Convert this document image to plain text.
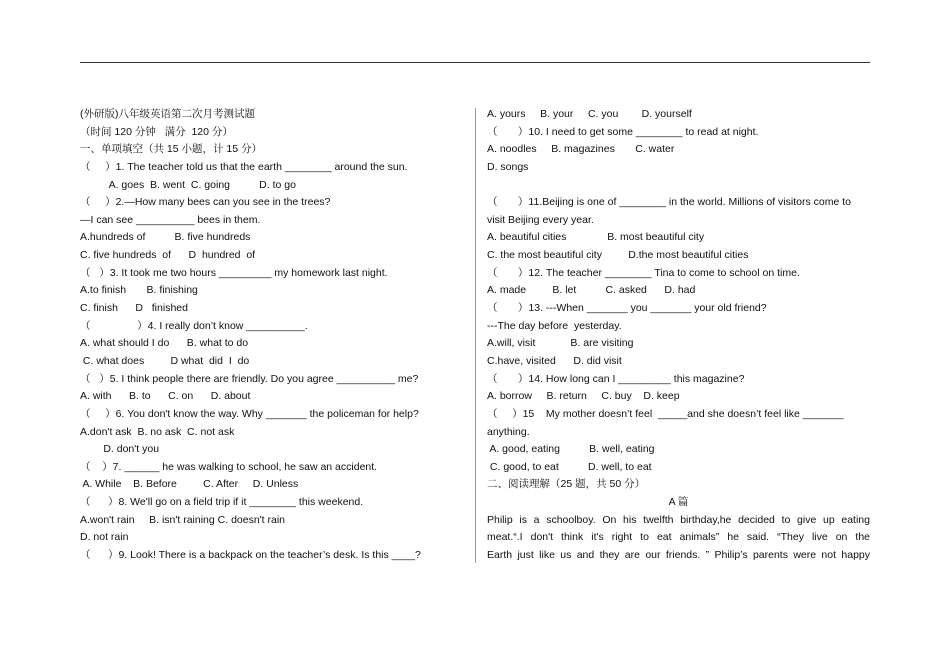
(外研版)八年级英语第二次月考测试题
（时间 120 分钟   满分  120 分）
一、单项填空（共 15 小题，计 15 分）
（     ）1. The teacher told us that the earth ________ around the sun.
A. goes  B. went  C. going          D. to go
（     ）2.—How many bees can you see in the trees?
—I can see __________ bees in them.
A.hundreds of          B. five hundreds
C. five hundreds  of      D  hundred  of
（   ）3. It took me two hours _________ my homework last night.
A.to finish       B. finishing
C. finish      D   finished
（                ）4. I really don’t know __________.
A. what should I do      B. what to do
C. what does         D what  did  I  do
（   ）5. I think people there are friendly. Do you agree __________ me?
A. with      B. to      C. on      D. about
（     ）6. You don't know the way. Why _______ the policeman for help?
A.don't ask  B. no ask  C. not ask
D. don't you
（    ）7. ______ he was walking to school, he saw an accident.
A. While    B. Before         C. After     D. Unless
（      ）8. We'll go on a field trip if it ________ this weekend.
A.won't rain     B. isn't raining C. doesn't rain
D. not rain
（      ）9. Look! There is a backpack on the teacher’s desk. Is this ____?
A. yours     B. your     C. you        D. yourself
（       ）10. I need to get some ________ to read at night.
A. noodles     B. magazines       C. water
D. songs
（       ）11.Beijing is one of ________ in the world. Millions of visitors come to
visit Beijing every year.
A. beautiful cities              B. most beautiful city
C. the most beautiful city         D.the most beautiful cities
（       ）12. The teacher ________ Tina to come to school on time.
A. made         B. let          C. asked      D. had
（       ）13. ---When _______ you _______ your old friend?
---The day before  yesterday.
A.will, visit            B. are visiting
C.have, visited      D. did visit
（       ）14. How long can I _________ this magazine?
A. borrow     B. return     C. buy    D. keep
（     ）15    My mother doesn’t feel  _____and she doesn’t feel like _______
anything.
A. good, eating          B. well, eating
C. good, to eat          D. well, to eat
二、阅读理解（25 题，共 50 分）
A 篇
Philip is a schoolboy. On his twelfth birthday,he decided to give up eating
meat.“.I don't think it's right to eat animals” he said. “They live on the
Earth just like us and they are our friends. ” Philip’s parents were not happy
